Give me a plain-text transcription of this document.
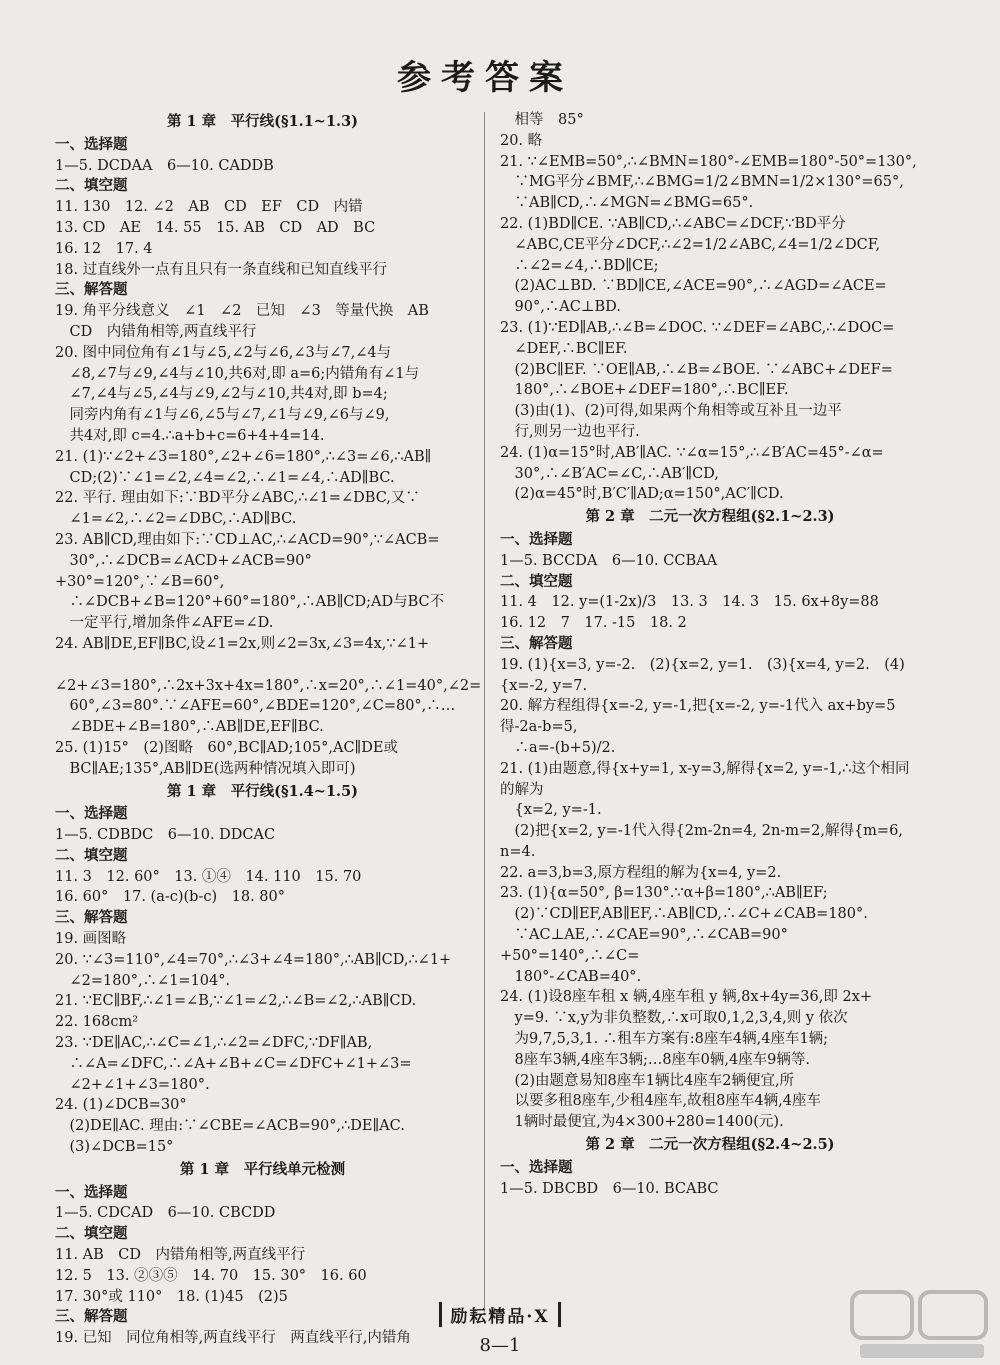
参考答案
第 1 章　平行线(§1.1~1.3)
一、选择题
1—5. DCDAA　6—10. CADDB
二、填空题
11. 130　12. ∠2　AB　CD　EF　CD　内错
13. CD　AE　14. 55　15. AB　CD　AD　BC
16. 12　17. 4
18. 过直线外一点有且只有一条直线和已知直线平行
三、解答题
19. 角平分线意义　∠1　∠2　已知　∠3　等量代换　AB
　CD　内错角相等,两直线平行
20. 图中同位角有∠1与∠5,∠2与∠6,∠3与∠7,∠4与
　∠8,∠7与∠9,∠4与∠10,共6对,即 a=6;内错角有∠1与
　∠7,∠4与∠5,∠4与∠9,∠2与∠10,共4对,即 b=4;
　同旁内角有∠1与∠6,∠5与∠7,∠1与∠9,∠6与∠9,
　共4对,即 c=4.∴a+b+c=6+4+4=14.
21. (1)∵∠2+∠3=180°,∠2+∠6=180°,∴∠3=∠6,∴AB∥
　CD;(2)∵∠1=∠2,∠4=∠2,∴∠1=∠4,∴AD∥BC.
22. 平行. 理由如下:∵BD平分∠ABC,∴∠1=∠DBC,又∵
　∠1=∠2,∴∠2=∠DBC,∴AD∥BC.
23. AB∥CD,理由如下:∵CD⊥AC,∴∠ACD=90°,∵∠ACB=
　30°,∴∠DCB=∠ACD+∠ACB=90°+30°=120°,∵∠B=60°,
　∴∠DCB+∠B=120°+60°=180°,∴AB∥CD;AD与BC不
　一定平行,增加条件∠AFE=∠D.
24. AB∥DE,EF∥BC,设∠1=2x,则∠2=3x,∠3=4x,∵∠1+
　∠2+∠3=180°,∴2x+3x+4x=180°,∴x=20°,∴∠1=40°,∠2=
　60°,∠3=80°.∵∠AFE=60°,∠BDE=120°,∠C=80°,∴…
　∠BDE+∠B=180°,∴AB∥DE,EF∥BC.
25. (1)15°　(2)图略　60°,BC∥AD;105°,AC∥DE或
　BC∥AE;135°,AB∥DE(选两种情况填入即可)
第 1 章　平行线(§1.4~1.5)
一、选择题
1—5. CDBDC　6—10. DDCAC
二、填空题
11. 3　12. 60°　13. ①④　14. 110　15. 70
16. 60°　17. (a-c)(b-c)　18. 80°
三、解答题
19. 画图略
20. ∵∠3=110°,∠4=70°,∴∠3+∠4=180°,∴AB∥CD,∴∠1+
　∠2=180°,∴∠1=104°.
21. ∵EC∥BF,∴∠1=∠B,∵∠1=∠2,∴∠B=∠2,∴AB∥CD.
22. 168cm²
23. ∵DE∥AC,∴∠C=∠1,∴∠2=∠DFC,∵DF∥AB,
　∴∠A=∠DFC,∴∠A+∠B+∠C=∠DFC+∠1+∠3=
　∠2+∠1+∠3=180°.
24. (1)∠DCB=30°
　(2)DE∥AC. 理由:∵∠CBE=∠ACB=90°,∴DE∥AC.
　(3)∠DCB=15°
第 1 章　平行线单元检测
一、选择题
1—5. CDCAD　6—10. CBCDD
二、填空题
11. AB　CD　内错角相等,两直线平行
12. 5　13. ②③⑤　14. 70　15. 30°　16. 60
17. 30°或 110°　18. (1)45　(2)5
三、解答题
19. 已知　同位角相等,两直线平行　两直线平行,内错角
　相等　85°
20. 略
21. ∵∠EMB=50°,∴∠BMN=180°-∠EMB=180°-50°=130°,
　∵MG平分∠BMF,∴∠BMG=1/2∠BMN=1/2×130°=65°,
　∵AB∥CD,∴∠MGN=∠BMG=65°.
22. (1)BD∥CE. ∵AB∥CD,∴∠ABC=∠DCF,∵BD平分
　∠ABC,CE平分∠DCF,∴∠2=1/2∠ABC,∠4=1/2∠DCF,
　∴∠2=∠4,∴BD∥CE;
　(2)AC⊥BD. ∵BD∥CE,∠ACE=90°,∴∠AGD=∠ACE=
　90°,∴AC⊥BD.
23. (1)∵ED∥AB,∴∠B=∠DOC. ∵∠DEF=∠ABC,∴∠DOC=
　∠DEF,∴BC∥EF.
　(2)BC∥EF. ∵OE∥AB,∴∠B=∠BOE. ∵∠ABC+∠DEF=
　180°,∴∠BOE+∠DEF=180°,∴BC∥EF.
　(3)由(1)、(2)可得,如果两个角相等或互补且一边平
　行,则另一边也平行.
24. (1)α=15°时,AB′∥AC. ∵∠α=15°,∴∠B′AC=45°-∠α=
　30°,∴∠B′AC=∠C,∴AB′∥CD,
　(2)α=45°时,B′C′∥AD;α=150°,AC′∥CD.
第 2 章　二元一次方程组(§2.1~2.3)
一、选择题
1—5. BCCDA　6—10. CCBAA
二、填空题
11. 4　12. y=(1-2x)/3　13. 3　14. 3　15. 6x+8y=88
16. 12　7　17. -15　18. 2
三、解答题
19. (1){x=3, y=-2.　(2){x=2, y=1.　(3){x=4, y=2.　(4){x=-2, y=7.
20. 解方程组得{x=-2, y=-1,把{x=-2, y=-1代入 ax+by=5 得-2a-b=5,
　∴a=-(b+5)/2.
21. (1)由题意,得{x+y=1, x-y=3,解得{x=2, y=-1,∴这个相同的解为
　{x=2, y=-1.
　(2)把{x=2, y=-1代入得{2m-2n=4, 2n-m=2,解得{m=6, n=4.
22. a=3,b=3,原方程组的解为{x=4, y=2.
23. (1){α=50°, β=130°.∵α+β=180°,∴AB∥EF;
　(2)∵CD∥EF,AB∥EF,∴AB∥CD,∴∠C+∠CAB=180°.
　∵AC⊥AE,∴∠CAE=90°,∴∠CAB=90°+50°=140°,∴∠C=
　180°-∠CAB=40°.
24. (1)设8座车租 x 辆,4座车租 y 辆,8x+4y=36,即 2x+
　y=9. ∵x,y为非负整数,∴x可取0,1,2,3,4,则 y 依次
　为9,7,5,3,1. ∴租车方案有:8座车4辆,4座车1辆;
　8座车3辆,4座车3辆;…8座车0辆,4座车9辆等.
　(2)由题意易知8座车1辆比4座车2辆便宜,所
　以要多租8座车,少租4座车,故租8座车4辆,4座车
　1辆时最便宜,为4×300+280=1400(元).
第 2 章　二元一次方程组(§2.4~2.5)
一、选择题
1—5. DBCBD　6—10. BCABC
励耘精品·X
8—1
